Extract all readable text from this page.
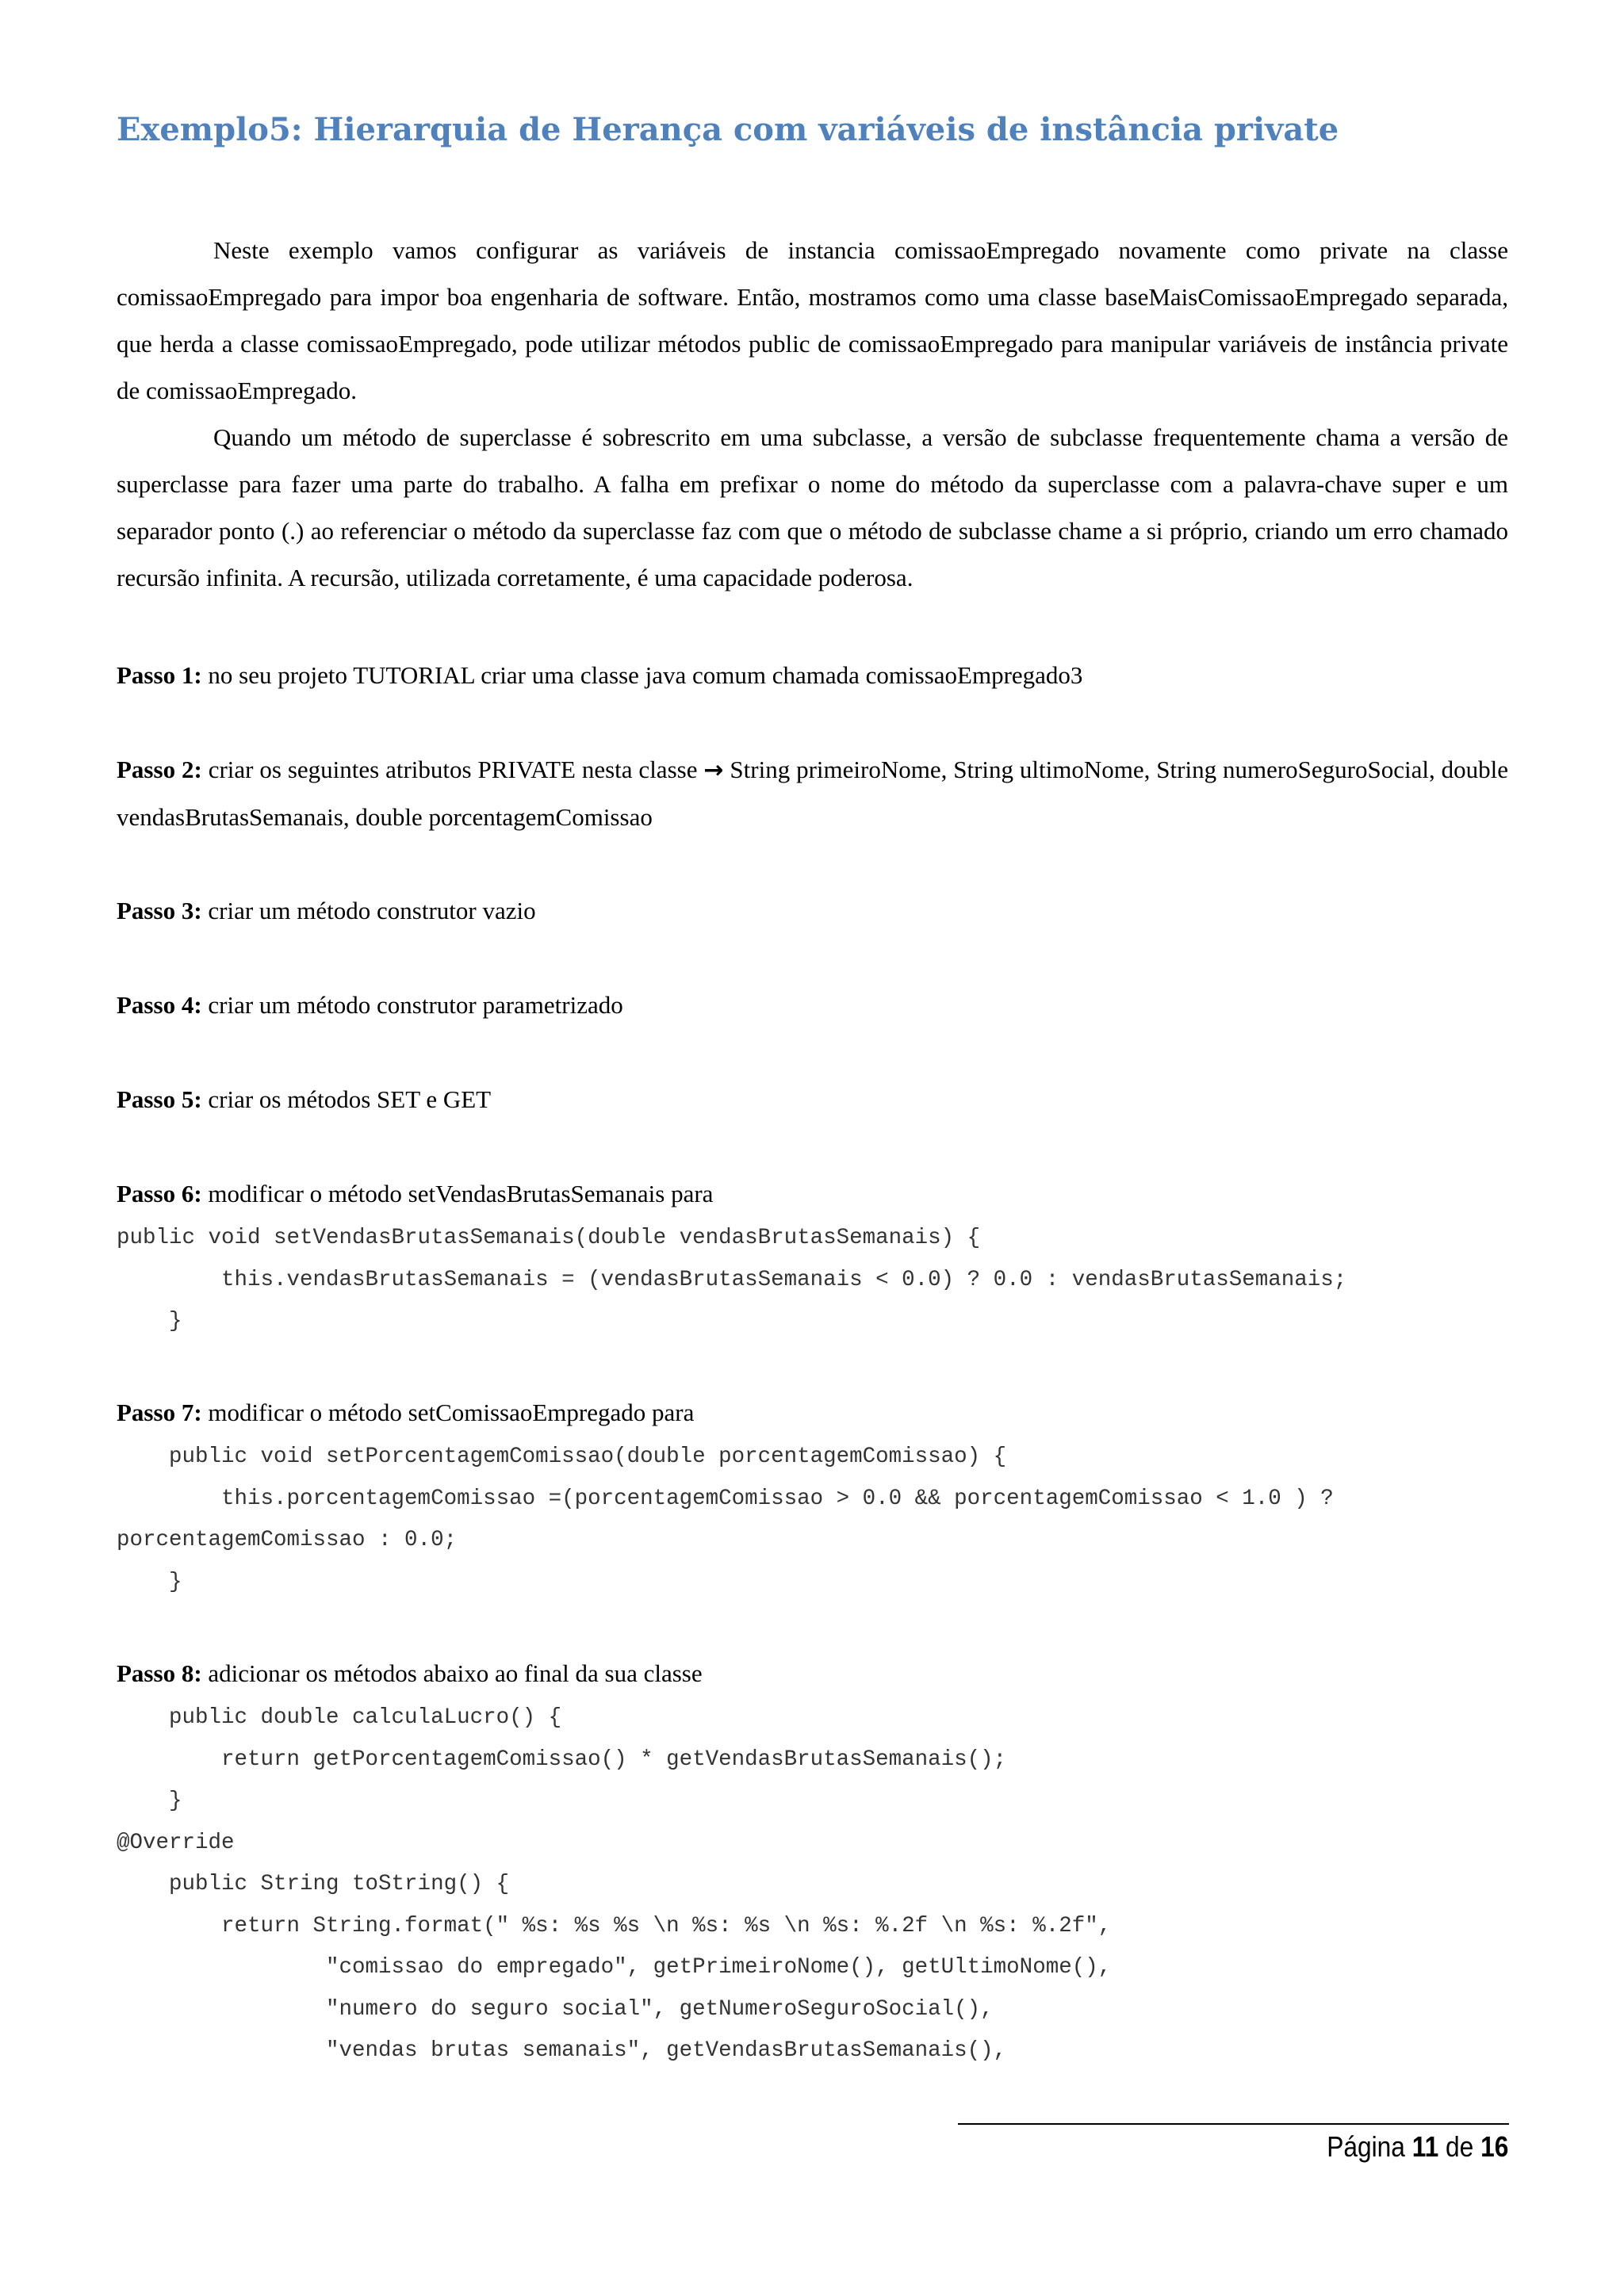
Exemplo5: Hierarquia de Herança com variáveis de instância private

Neste exemplo vamos configurar as variáveis de instancia comissaoEmpregado novamente como private na classe comissaoEmpregado para impor boa engenharia de software. Então, mostramos como uma classe baseMaisComissaoEmpregado separada, que herda a classe comissaoEmpregado, pode utilizar métodos public de comissaoEmpregado para manipular variáveis de instância private de comissaoEmpregado.

Quando um método de superclasse é sobrescrito em uma subclasse, a versão de subclasse frequentemente chama a versão de superclasse para fazer uma parte do trabalho. A falha em prefixar o nome do método da superclasse com a palavra-chave super e um separador ponto (.) ao referenciar o método da superclasse faz com que o método de subclasse chame a si próprio, criando um erro chamado recursão infinita. A recursão, utilizada corretamente, é uma capacidade poderosa.

Passo 1: no seu projeto TUTORIAL criar uma classe java comum chamada comissaoEmpregado3

Passo 2: criar os seguintes atributos PRIVATE nesta classe → String primeiroNome, String ultimoNome, String numeroSeguroSocial, double vendasBrutasSemanais, double porcentagemComissao

Passo 3: criar um método construtor vazio

Passo 4: criar um método construtor parametrizado

Passo 5: criar os métodos SET e GET

Passo 6: modificar o método setVendasBrutasSemanais para

public void setVendasBrutasSemanais(double vendasBrutasSemanais) {
this.vendasBrutasSemanais = (vendasBrutasSemanais < 0.0) ? 0.0 : vendasBrutasSemanais;
}

Passo 7: modificar o método setComissaoEmpregado para

public void setPorcentagemComissao(double porcentagemComissao) {
this.porcentagemComissao =(porcentagemComissao > 0.0 && porcentagemComissao < 1.0 ) ?
porcentagemComissao : 0.0;
}

Passo 8: adicionar os métodos abaixo ao final da sua classe

public double calculaLucro() {
return getPorcentagemComissao() * getVendasBrutasSemanais();
}
@Override
public String toString() {
return String.format(" %s: %s %s \n %s: %s \n %s: %.2f \n %s: %.2f",
"comissao do empregado", getPrimeiroNome(), getUltimoNome(),
"numero do seguro social", getNumeroSeguroSocial(),
"vendas brutas semanais", getVendasBrutasSemanais(),
Página 11 de 16
